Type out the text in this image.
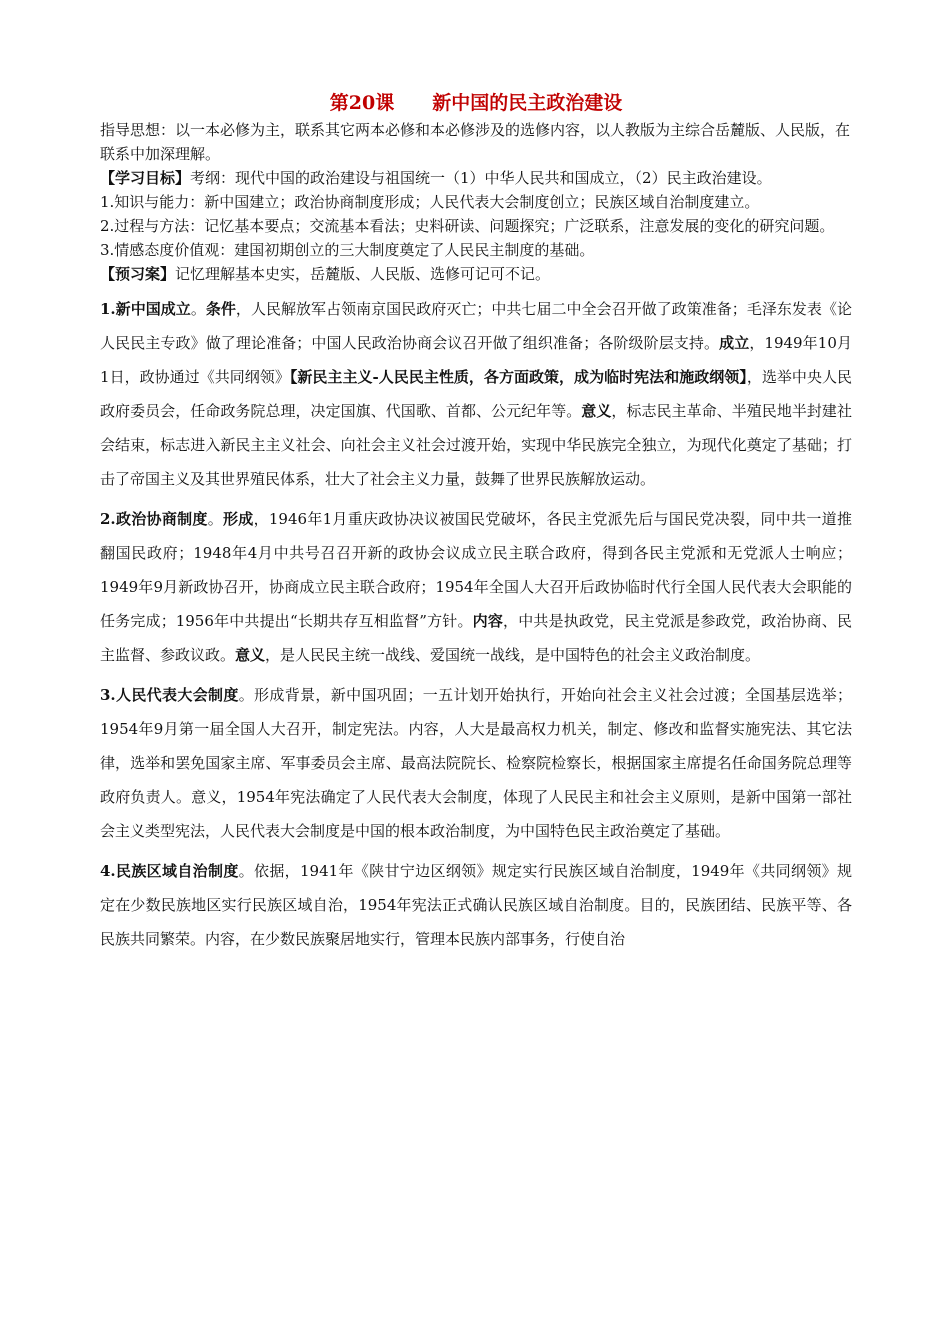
第20课　　新中国的民主政治建设

指导思想：以一本必修为主，联系其它两本必修和本必修涉及的选修内容，以人教版为主综合岳麓版、人民版，在联系中加深理解。

【学习目标】考纲：现代中国的政治建设与祖国统一（1）中华人民共和国成立，（2）民主政治建设。

1.知识与能力：新中国建立；政治协商制度形成；人民代表大会制度创立；民族区域自治制度建立。

2.过程与方法：记忆基本要点；交流基本看法；史料研读、问题探究；广泛联系，注意发展的变化的研究问题。

3.情感态度价值观：建国初期创立的三大制度奠定了人民民主制度的基础。

【预习案】记忆理解基本史实，岳麓版、人民版、选修可记可不记。

1.新中国成立。条件，人民解放军占领南京国民政府灭亡；中共七届二中全会召开做了政策准备；毛泽东发表《论人民民主专政》做了理论准备；中国人民政治协商会议召开做了组织准备；各阶级阶层支持。成立，1949年10月1日，政协通过《共同纲领》【新民主主义-人民民主性质，各方面政策，成为临时宪法和施政纲领】，选举中央人民政府委员会，任命政务院总理，决定国旗、代国歌、首都、公元纪年等。意义，标志民主革命、半殖民地半封建社会结束，标志进入新民主主义社会、向社会主义社会过渡开始，实现中华民族完全独立，为现代化奠定了基础；打击了帝国主义及其世界殖民体系，壮大了社会主义力量，鼓舞了世界民族解放运动。

2.政治协商制度。形成，1946年1月重庆政协决议被国民党破坏，各民主党派先后与国民党决裂，同中共一道推翻国民政府；1948年4月中共号召召开新的政协会议成立民主联合政府，得到各民主党派和无党派人士响应；1949年9月新政协召开，协商成立民主联合政府；1954年全国人大召开后政协临时代行全国人民代表大会职能的任务完成；1956年中共提出“长期共存互相监督”方针。内容，中共是执政党，民主党派是参政党，政治协商、民主监督、参政议政。意义，是人民民主统一战线、爱国统一战线，是中国特色的社会主义政治制度。

3.人民代表大会制度。形成背景，新中国巩固；一五计划开始执行，开始向社会主义社会过渡；全国基层选举；1954年9月第一届全国人大召开，制定宪法。内容，人大是最高权力机关，制定、修改和监督实施宪法、其它法律，选举和罢免国家主席、军事委员会主席、最高法院院长、检察院检察长，根据国家主席提名任命国务院总理等政府负责人。意义，1954年宪法确定了人民代表大会制度，体现了人民民主和社会主义原则，是新中国第一部社会主义类型宪法，人民代表大会制度是中国的根本政治制度，为中国特色民主政治奠定了基础。

4.民族区域自治制度。依据，1941年《陕甘宁边区纲领》规定实行民族区域自治制度，1949年《共同纲领》规定在少数民族地区实行民族区域自治，1954年宪法正式确认民族区域自治制度。目的，民族团结、民族平等、各民族共同繁荣。内容，在少数民族聚居地实行，管理本民族内部事务，行使自治
